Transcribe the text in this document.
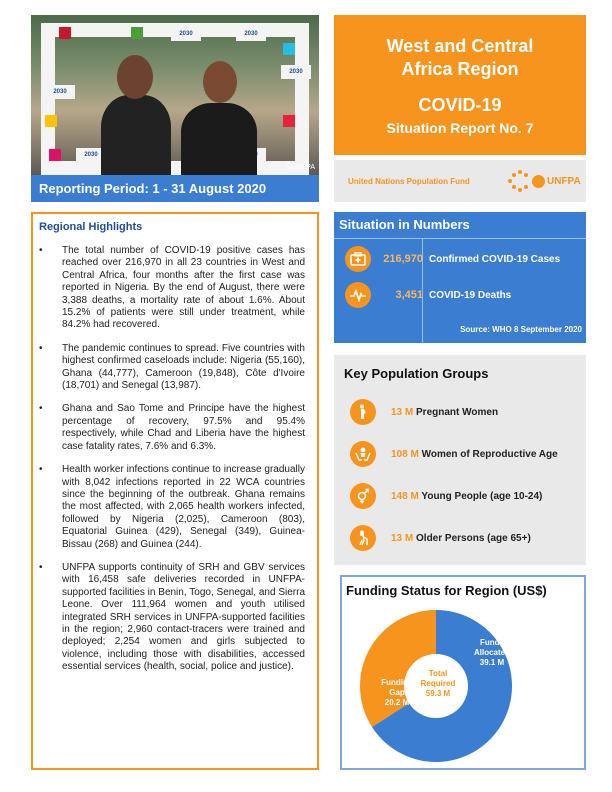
2030	2030
2030
2030
2030
©UNFPA
Reporting Period: 1 - 31 August 2020
West and Central Africa Region
COVID-19
Situation Report No. 7
United Nations Population Fund	UNFPA
Regional Highlights
• The total number of COVID-19 positive cases has reached over 216,970 in all 23 countries in West and Central Africa, four months after the first case was reported in Nigeria. By the end of August, there were 3,388 deaths, a mortality rate of about 1.6%. About 15.2% of patients were still under treatment, while 84.2% had recovered.
• The pandemic continues to spread. Five countries with highest confirmed caseloads include: Nigeria (55,160), Ghana (44,777), Cameroon (19,848), Côte d'Ivoire (18,701) and Senegal (13,987).
• Ghana and Sao Tome and Principe have the highest percentage of recovery, 97.5% and 95.4% respectively, while Chad and Liberia have the highest case fatality rates, 7.6% and 6.3%.
• Health worker infections continue to increase gradually with 8,042 infections reported in 22 WCA countries since the beginning of the outbreak. Ghana remains the most affected, with 2,065 health workers infected, followed by Nigeria (2,025), Cameroon (803), Equatorial Guinea (429), Senegal (349), Guinea-Bissau (268) and Guinea (244).
• UNFPA supports continuity of SRH and GBV services with 16,458 safe deliveries recorded in UNFPA-supported facilities in Benin, Togo, Senegal, and Sierra Leone. Over 111,964 women and youth utilised integrated SRH services in UNFPA-supported facilities in the region; 2,960 contact-tracers were trained and deployed; 2,254 women and girls subjected to violence, including those with disabilities, accessed essential services (health, social, police and justice).
Situation in Numbers
216,970 Confirmed COVID-19 Cases
3,451 COVID-19 Deaths
Source: WHO 8 September 2020
Key Population Groups
13 M Pregnant Women
108 M Women of Reproductive Age
148 M Young People (age 10-24)
13 M Older Persons (age 65+)
Funding Status for Region (US$)
Funds
Allocated
39.1 M
Funding
Gap
20.2 M
Total
Required
59.3 M
